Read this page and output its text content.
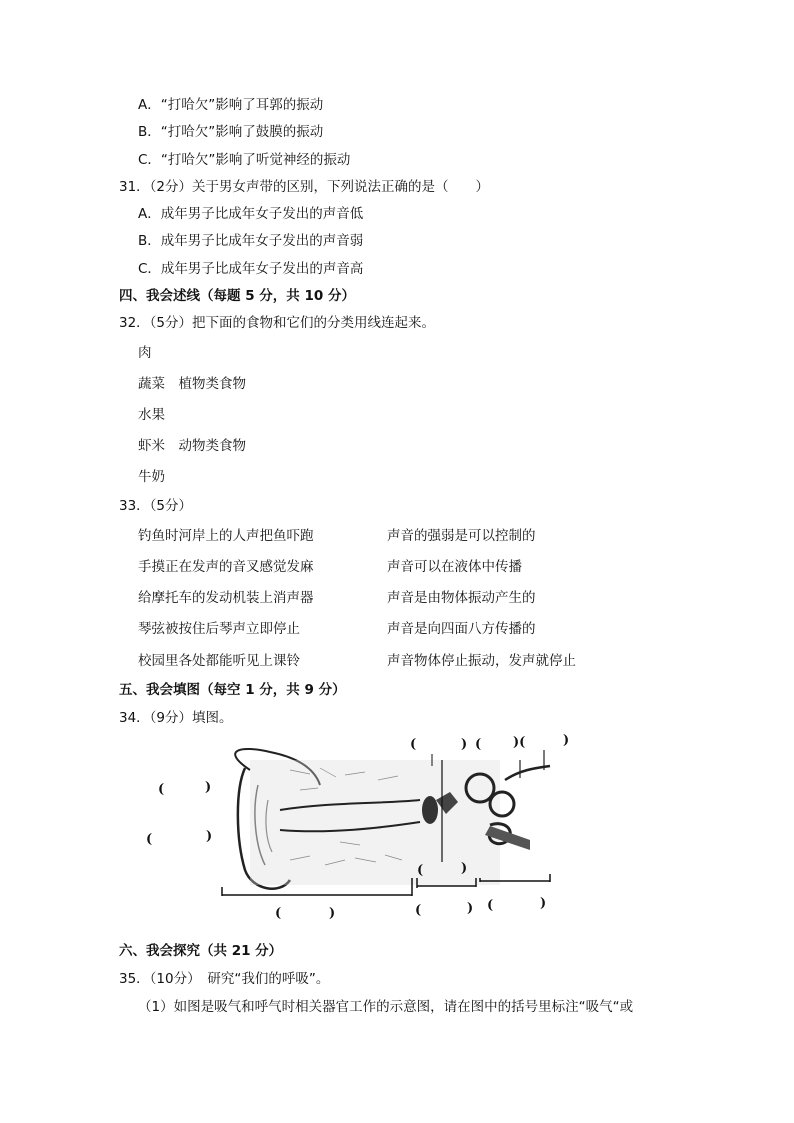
A．“打哈欠”影响了耳郭的振动
B．“打哈欠”影响了鼓膜的振动
C．“打哈欠”影响了听觉神经的振动
31．（2分）关于男女声带的区别，下列说法正确的是（　　）
A．成年男子比成年女子发出的声音低
B．成年男子比成年女子发出的声音弱
C．成年男子比成年女子发出的声音高
四、我会述线（每题 5 分，共 10 分）
32．（5分）把下面的食物和它们的分类用线连起来。
肉
蔬菜　植物类食物
水果
虾米　动物类食物
牛奶
33．（5分）
钓鱼时河岸上的人声把鱼吓跑	声音的强弱是可以控制的
手摸正在发声的音叉感觉发麻	声音可以在液体中传播
给摩托车的发动机装上消声器	声音是由物体振动产生的
琴弦被按住后琴声立即停止	声音是向四面八方传播的
校园里各处都能听见上课铃	声音物体停止振动，发声就停止
五、我会填图（每空 1 分，共 9 分）
34．（9分）填图。
(	) ( )(	)
(	)
(	)
(	)
(	)	(	) (	)
六、我会探究（共 21 分）
35．（10分）　研究“我们的呼吸”。
（1）如图是吸气和呼气时相关器官工作的示意图，请在图中的括号里标注“吸气“或
